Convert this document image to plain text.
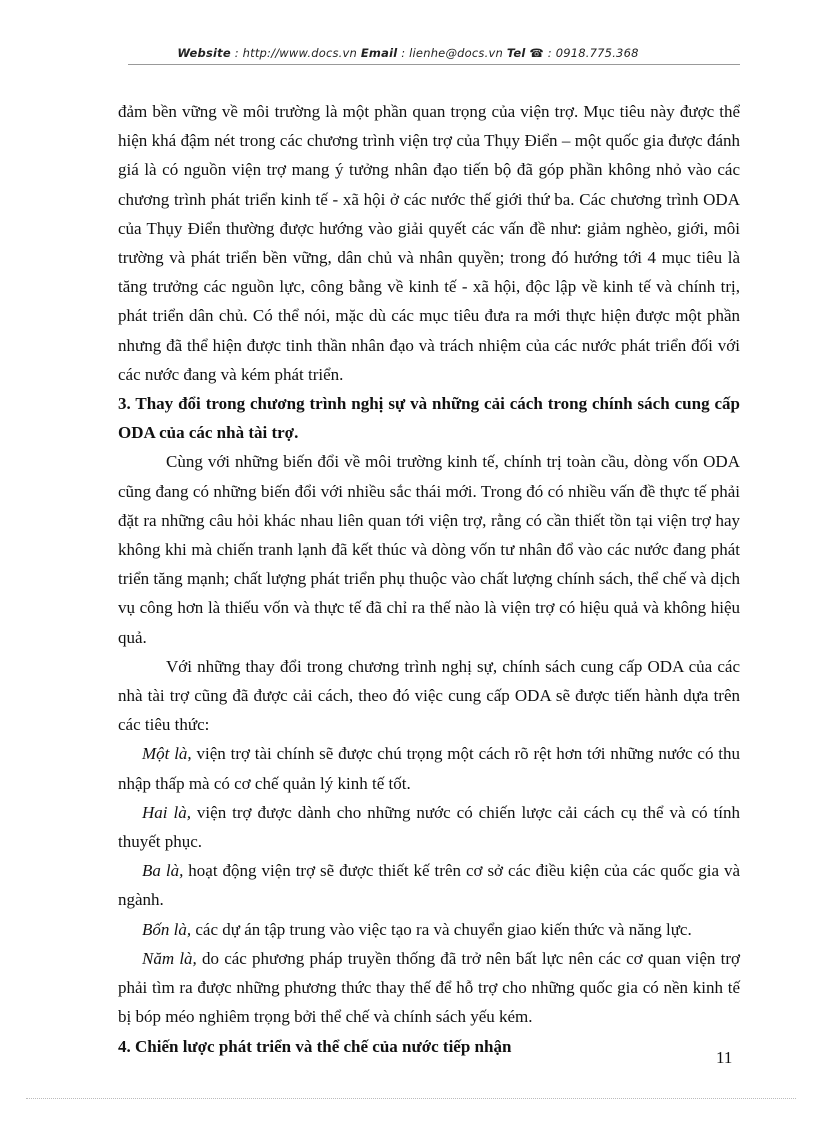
Website : http://www.docs.vn Email : lienhe@docs.vn Tel ☎ : 0918.775.368

đảm bền vững về môi trường là một phần quan trọng của viện trợ. Mục tiêu này được thể hiện khá đậm nét trong các chương trình viện trợ của Thụy Điển – một quốc gia được đánh giá là có nguồn viện trợ mang ý tưởng nhân đạo tiến bộ đã góp phần không nhỏ vào các chương trình phát triển kinh tế - xã hội ở các nước thế giới thứ ba. Các chương trình ODA của Thụy Điển thường được hướng vào giải quyết các vấn đề như: giảm nghèo, giới, môi trường và phát triển bền vững, dân chủ và nhân quyền; trong đó hướng tới 4 mục tiêu là tăng trưởng các nguồn lực, công bằng về kinh tế - xã hội, độc lập về kinh tế và chính trị, phát triển dân chủ. Có thể nói, mặc dù các mục tiêu đưa ra mới thực hiện được một phần nhưng đã thể hiện được tinh thần nhân đạo và trách nhiệm của các nước phát triển đối với các nước đang và kém phát triển.

3. Thay đổi trong chương trình nghị sự và những cải cách trong chính sách cung cấp ODA của các nhà tài trợ.

Cùng với những biến đổi về môi trường kinh tế, chính trị toàn cầu, dòng vốn ODA cũng đang có những biến đổi với nhiều sắc thái mới. Trong đó có nhiều vấn đề thực tế phải đặt ra những câu hỏi khác nhau liên quan tới viện trợ, rằng có cần thiết tồn tại viện trợ hay không khi mà chiến tranh lạnh đã kết thúc và dòng vốn tư nhân đổ vào các nước đang phát triển tăng mạnh; chất lượng phát triển phụ thuộc vào chất lượng chính sách, thể chế và dịch vụ công hơn là thiếu vốn và thực tế đã chỉ ra thế nào là viện trợ có hiệu quả và không hiệu quả.

Với những thay đổi trong chương trình nghị sự, chính sách cung cấp ODA của các nhà tài trợ cũng đã được cải cách, theo đó việc cung cấp ODA sẽ được tiến hành dựa trên các tiêu thức:

Một là, viện trợ tài chính sẽ được chú trọng một cách rõ rệt hơn tới những nước có thu nhập thấp mà có cơ chế quản lý kinh tế tốt.

Hai là, viện trợ được dành cho những nước có chiến lược cải cách cụ thể và có tính thuyết phục.

Ba là, hoạt động viện trợ sẽ được thiết kế trên cơ sở các điều kiện của các quốc gia và ngành.

Bốn là, các dự án tập trung vào việc tạo ra và chuyển giao kiến thức và năng lực.

Năm là, do các phương pháp truyền thống đã trở nên bất lực nên các cơ quan viện trợ phải tìm ra được những phương thức thay thế để hỗ trợ cho những quốc gia có nền kinh tế bị bóp méo nghiêm trọng bởi thể chế và chính sách yếu kém.

4. Chiến lược phát triển và thể chế của nước tiếp nhận
11
